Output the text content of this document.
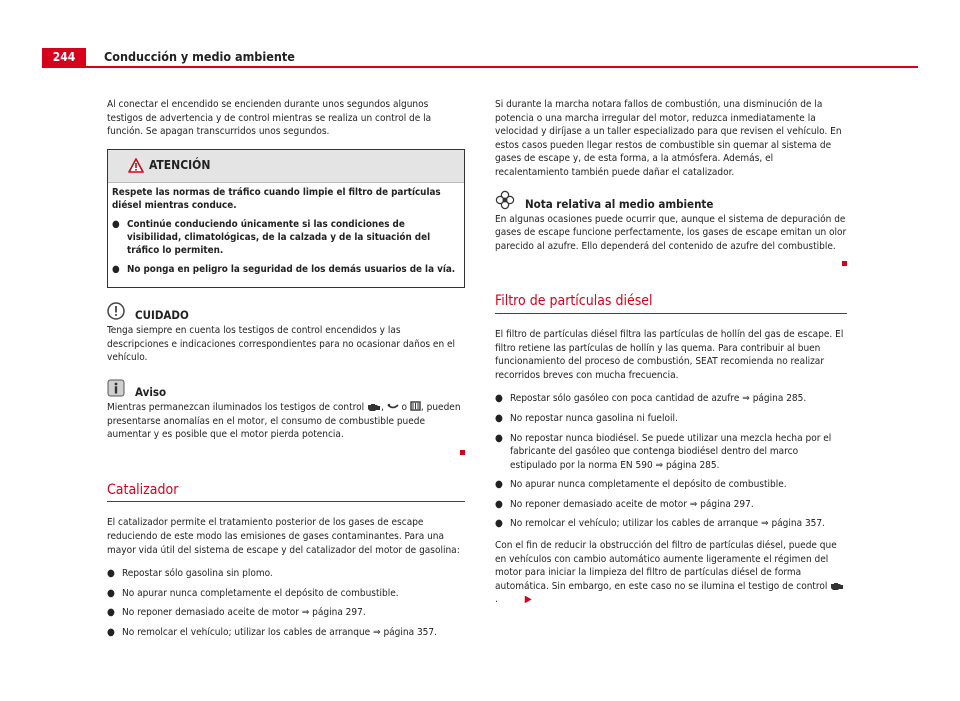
244	Conducción y medio ambiente

Al conectar el encendido se encienden durante unos segundos algunos testigos de advertencia y de control mientras se realiza un control de la función. Se apagan transcurridos unos segundos.

ATENCIÓN

Respete las normas de tráfico cuando limpie el filtro de partículas diésel mientras conduce.

● Continúe conduciendo únicamente si las condiciones de visibilidad, climatológicas, de la calzada y de la situación del tráfico lo permiten.
● No ponga en peligro la seguridad de los demás usuarios de la vía.
CUIDADO

Tenga siempre en cuenta los testigos de control encendidos y las descripciones e indicaciones correspondientes para no ocasionar daños en el vehículo.

Aviso

Mientras permanezcan iluminados los testigos de control ,  o , pueden presentarse anomalías en el motor, el consumo de combustible puede aumentar y es posible que el motor pierda potencia.

Catalizador

El catalizador permite el tratamiento posterior de los gases de escape reduciendo de este modo las emisiones de gases contaminantes. Para una mayor vida útil del sistema de escape y del catalizador del motor de gasolina:

● Repostar sólo gasolina sin plomo.
● No apurar nunca completamente el depósito de combustible.
● No reponer demasiado aceite de motor ⇒ página 297.
● No remolcar el vehículo; utilizar los cables de arranque ⇒ página 357.

Si durante la marcha notara fallos de combustión, una disminución de la potencia o una marcha irregular del motor, reduzca inmediatamente la velocidad y diríjase a un taller especializado para que revisen el vehículo. En estos casos pueden llegar restos de combustible sin quemar al sistema de gases de escape y, de esta forma, a la atmósfera. Además, el recalentamiento también puede dañar el catalizador.

Nota relativa al medio ambiente

En algunas ocasiones puede ocurrir que, aunque el sistema de depuración de gases de escape funcione perfectamente, los gases de escape emitan un olor parecido al azufre. Ello dependerá del contenido de azufre del combustible.

Filtro de partículas diésel

El filtro de partículas diésel filtra las partículas de hollín del gas de escape. El filtro retiene las partículas de hollín y las quema. Para contribuir al buen funcionamiento del proceso de combustión, SEAT recomienda no realizar recorridos breves con mucha frecuencia.

● Repostar sólo gasóleo con poca cantidad de azufre ⇒ página 285.
● No repostar nunca gasolina ni fueloil.
● No repostar nunca biodiésel. Se puede utilizar una mezcla hecha por el fabricante del gasóleo que contenga biodiésel dentro del marco estipulado por la norma EN 590 ⇒ página 285.
● No apurar nunca completamente el depósito de combustible.
● No reponer demasiado aceite de motor ⇒ página 297.
● No remolcar el vehículo; utilizar los cables de arranque ⇒ página 357.

Con el fin de reducir la obstrucción del filtro de partículas diésel, puede que en vehículos con cambio automático aumente ligeramente el régimen del motor para iniciar la limpieza del filtro de partículas diésel de forma automática. Sin embargo, en este caso no se ilumina el testigo de control .	▶
